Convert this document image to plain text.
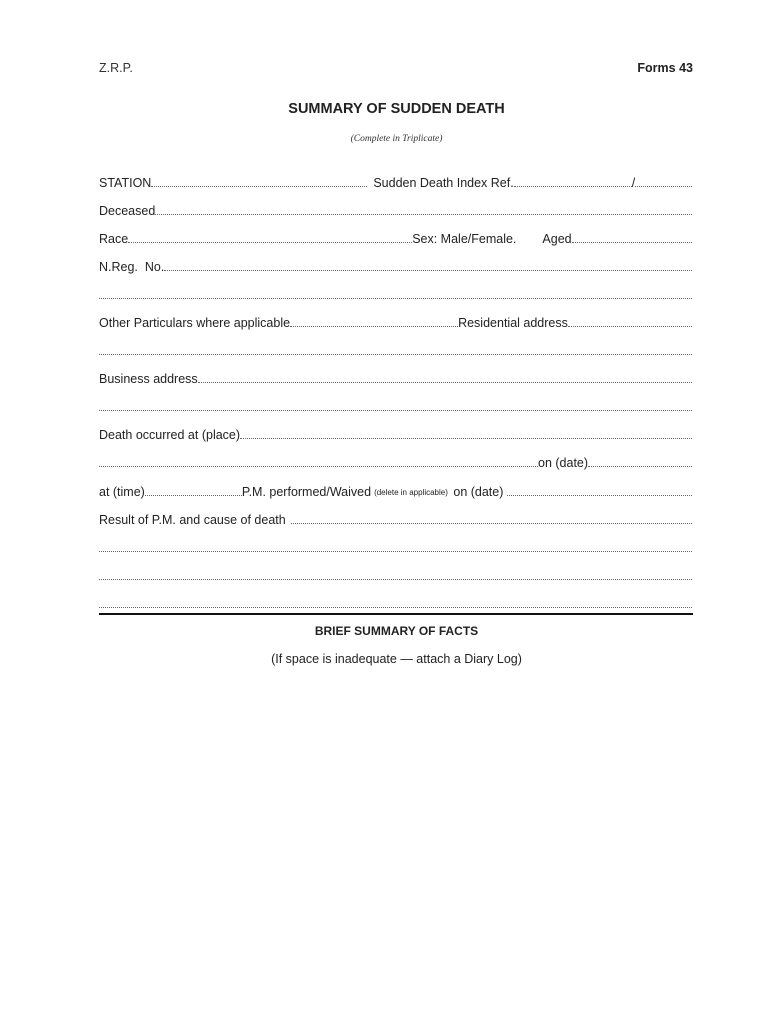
Z.R.P.	Forms 43
SUMMARY OF SUDDEN DEATH
(Complete in Triplicate)
STATION	Sudden Death Index Ref.	/
Deceased
Race	Sex: Male/Female. Aged
N.Reg.  No.
Other Particulars where applicable	Residential address
Business address
Death occurred at (place)
on (date)
at (time)	P.M. performed/Waived (delete in applicable) on (date)
Result of P.M. and cause of death
BRIEF SUMMARY OF FACTS
(If space is inadequate — attach a Diary Log)
